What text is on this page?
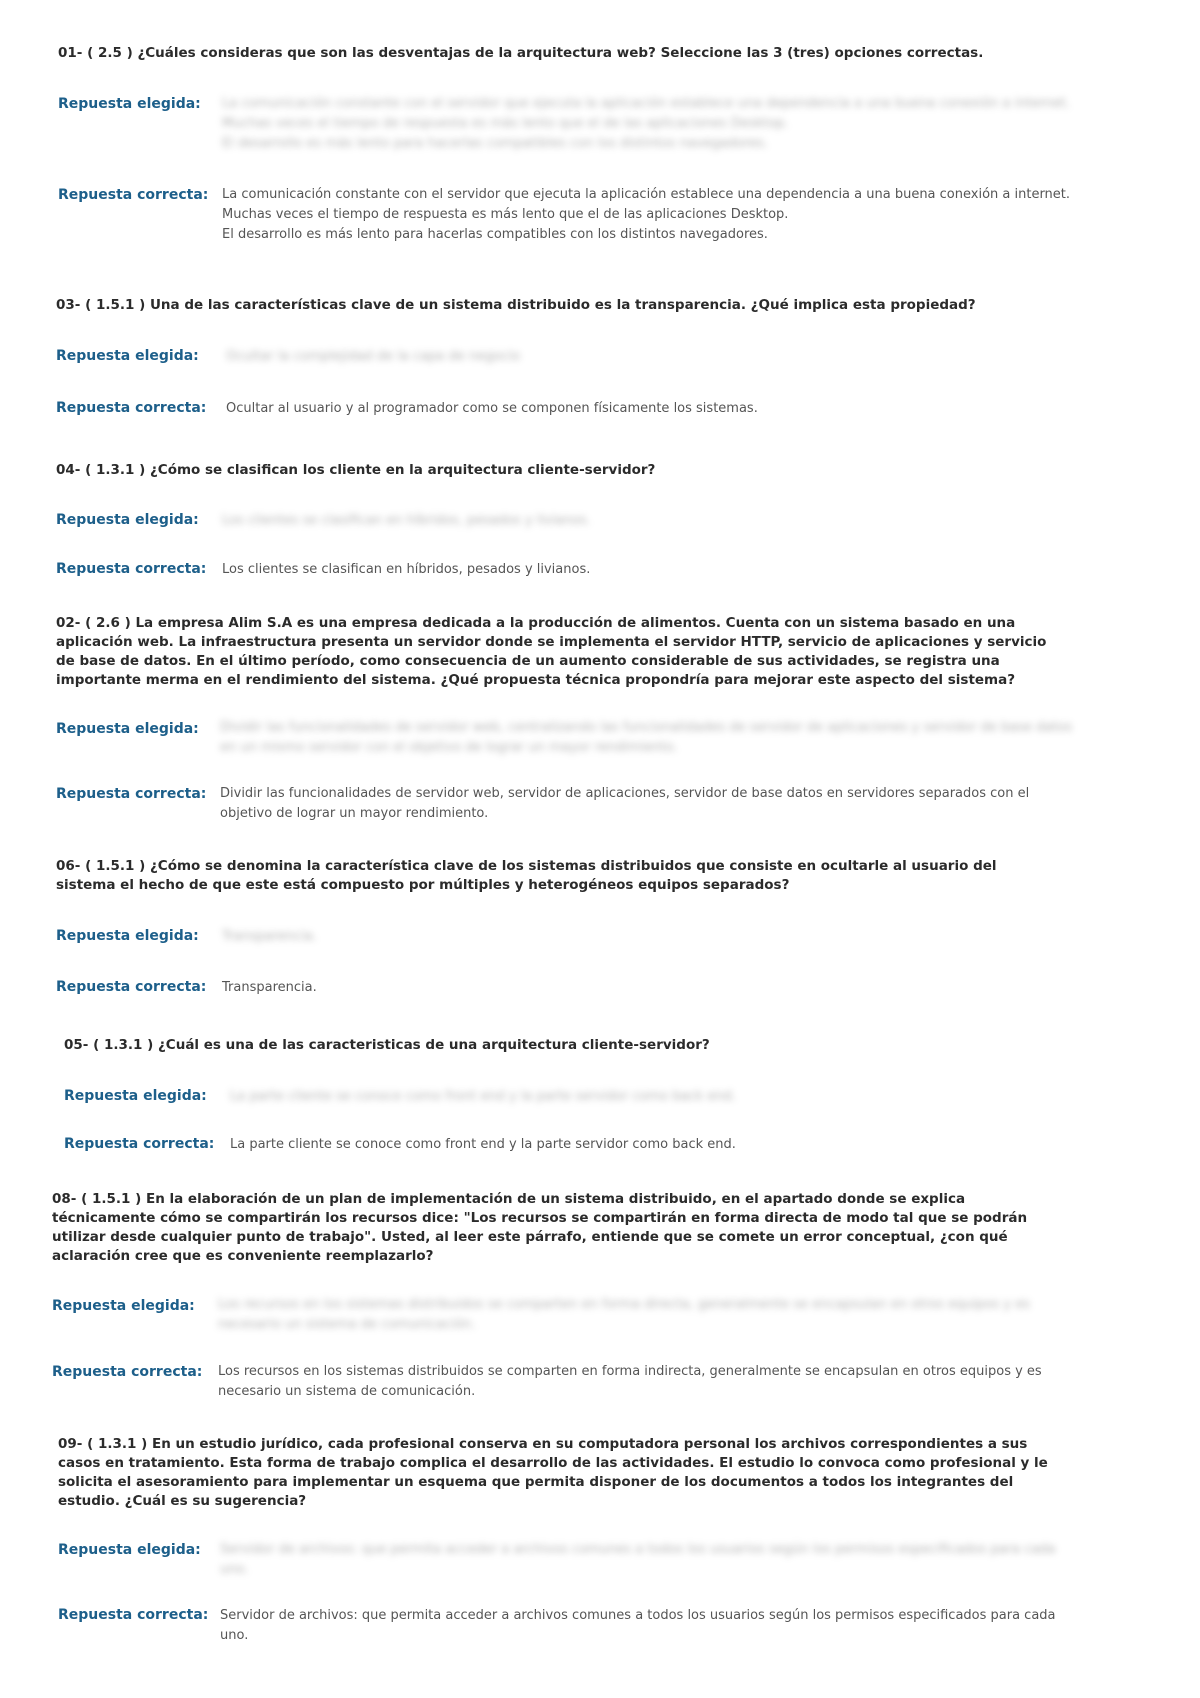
01- ( 2.5 ) ¿Cuáles consideras que son las desventajas de la arquitectura web? Seleccione las 3 (tres) opciones correctas.
Repuesta elegida: La comunicación constante con el servidor que ejecuta la aplicación establece una dependencia a una buena conexión a internet.
Muchas veces el tiempo de respuesta es más lento que el de las aplicaciones Desktop.
El desarrollo es más lento para hacerlas compatibles con los distintos navegadores.
Repuesta correcta: La comunicación constante con el servidor que ejecuta la aplicación establece una dependencia a una buena conexión a internet.
Muchas veces el tiempo de respuesta es más lento que el de las aplicaciones Desktop.
El desarrollo es más lento para hacerlas compatibles con los distintos navegadores.
03- ( 1.5.1 ) Una de las características clave de un sistema distribuido es la transparencia. ¿Qué implica esta propiedad?
Repuesta elegida: Ocultar la complejidad de la capa de negocio
Repuesta correcta: Ocultar al usuario y al programador como se componen físicamente los sistemas.
04- ( 1.3.1 ) ¿Cómo se clasifican los cliente en la arquitectura cliente-servidor?
Repuesta elegida: Los clientes se clasifican en híbridos, pesados y livianos.
Repuesta correcta: Los clientes se clasifican en híbridos, pesados y livianos.
02- ( 2.6 ) La empresa Alim S.A es una empresa dedicada a la producción de alimentos. Cuenta con un sistema basado en una
aplicación web. La infraestructura presenta un servidor donde se implementa el servidor HTTP, servicio de aplicaciones y servicio
de base de datos. En el último período, como consecuencia de un aumento considerable de sus actividades, se registra una
importante merma en el rendimiento del sistema. ¿Qué propuesta técnica propondría para mejorar este aspecto del sistema?
Repuesta elegida: Dividir las funcionalidades de servidor web, centralizando las funcionalidades de servidor de aplicaciones y servidor de base datos
en un mismo servidor con el objetivo de lograr un mayor rendimiento.
Repuesta correcta: Dividir las funcionalidades de servidor web, servidor de aplicaciones, servidor de base datos en servidores separados con el
objetivo de lograr un mayor rendimiento.
06- ( 1.5.1 ) ¿Cómo se denomina la característica clave de los sistemas distribuidos que consiste en ocultarle al usuario del
sistema el hecho de que este está compuesto por múltiples y heterogéneos equipos separados?
Repuesta elegida: Transparencia.
Repuesta correcta: Transparencia.
05- ( 1.3.1 ) ¿Cuál es una de las caracteristicas de una arquitectura cliente-servidor?
Repuesta elegida: La parte cliente se conoce como front end y la parte servidor como back end.
Repuesta correcta: La parte cliente se conoce como front end y la parte servidor como back end.
08- ( 1.5.1 ) En la elaboración de un plan de implementación de un sistema distribuido, en el apartado donde se explica
técnicamente cómo se compartirán los recursos dice: "Los recursos se compartirán en forma directa de modo tal que se podrán
utilizar desde cualquier punto de trabajo". Usted, al leer este párrafo, entiende que se comete un error conceptual, ¿con qué
aclaración cree que es conveniente reemplazarlo?
Repuesta elegida: Los recursos en los sistemas distribuidos se comparten en forma directa, generalmente se encapsulan en otros equipos y es
necesario un sistema de comunicación.
Repuesta correcta: Los recursos en los sistemas distribuidos se comparten en forma indirecta, generalmente se encapsulan en otros equipos y es
necesario un sistema de comunicación.
09- ( 1.3.1 ) En un estudio jurídico, cada profesional conserva en su computadora personal los archivos correspondientes a sus
casos en tratamiento. Esta forma de trabajo complica el desarrollo de las actividades. El estudio lo convoca como profesional y le
solicita el asesoramiento para implementar un esquema que permita disponer de los documentos a todos los integrantes del
estudio. ¿Cuál es su sugerencia?
Repuesta elegida: Servidor de archivos: que permita acceder a archivos comunes a todos los usuarios según los permisos especificados para cada
uno.
Repuesta correcta: Servidor de archivos: que permita acceder a archivos comunes a todos los usuarios según los permisos especificados para cada
uno.
